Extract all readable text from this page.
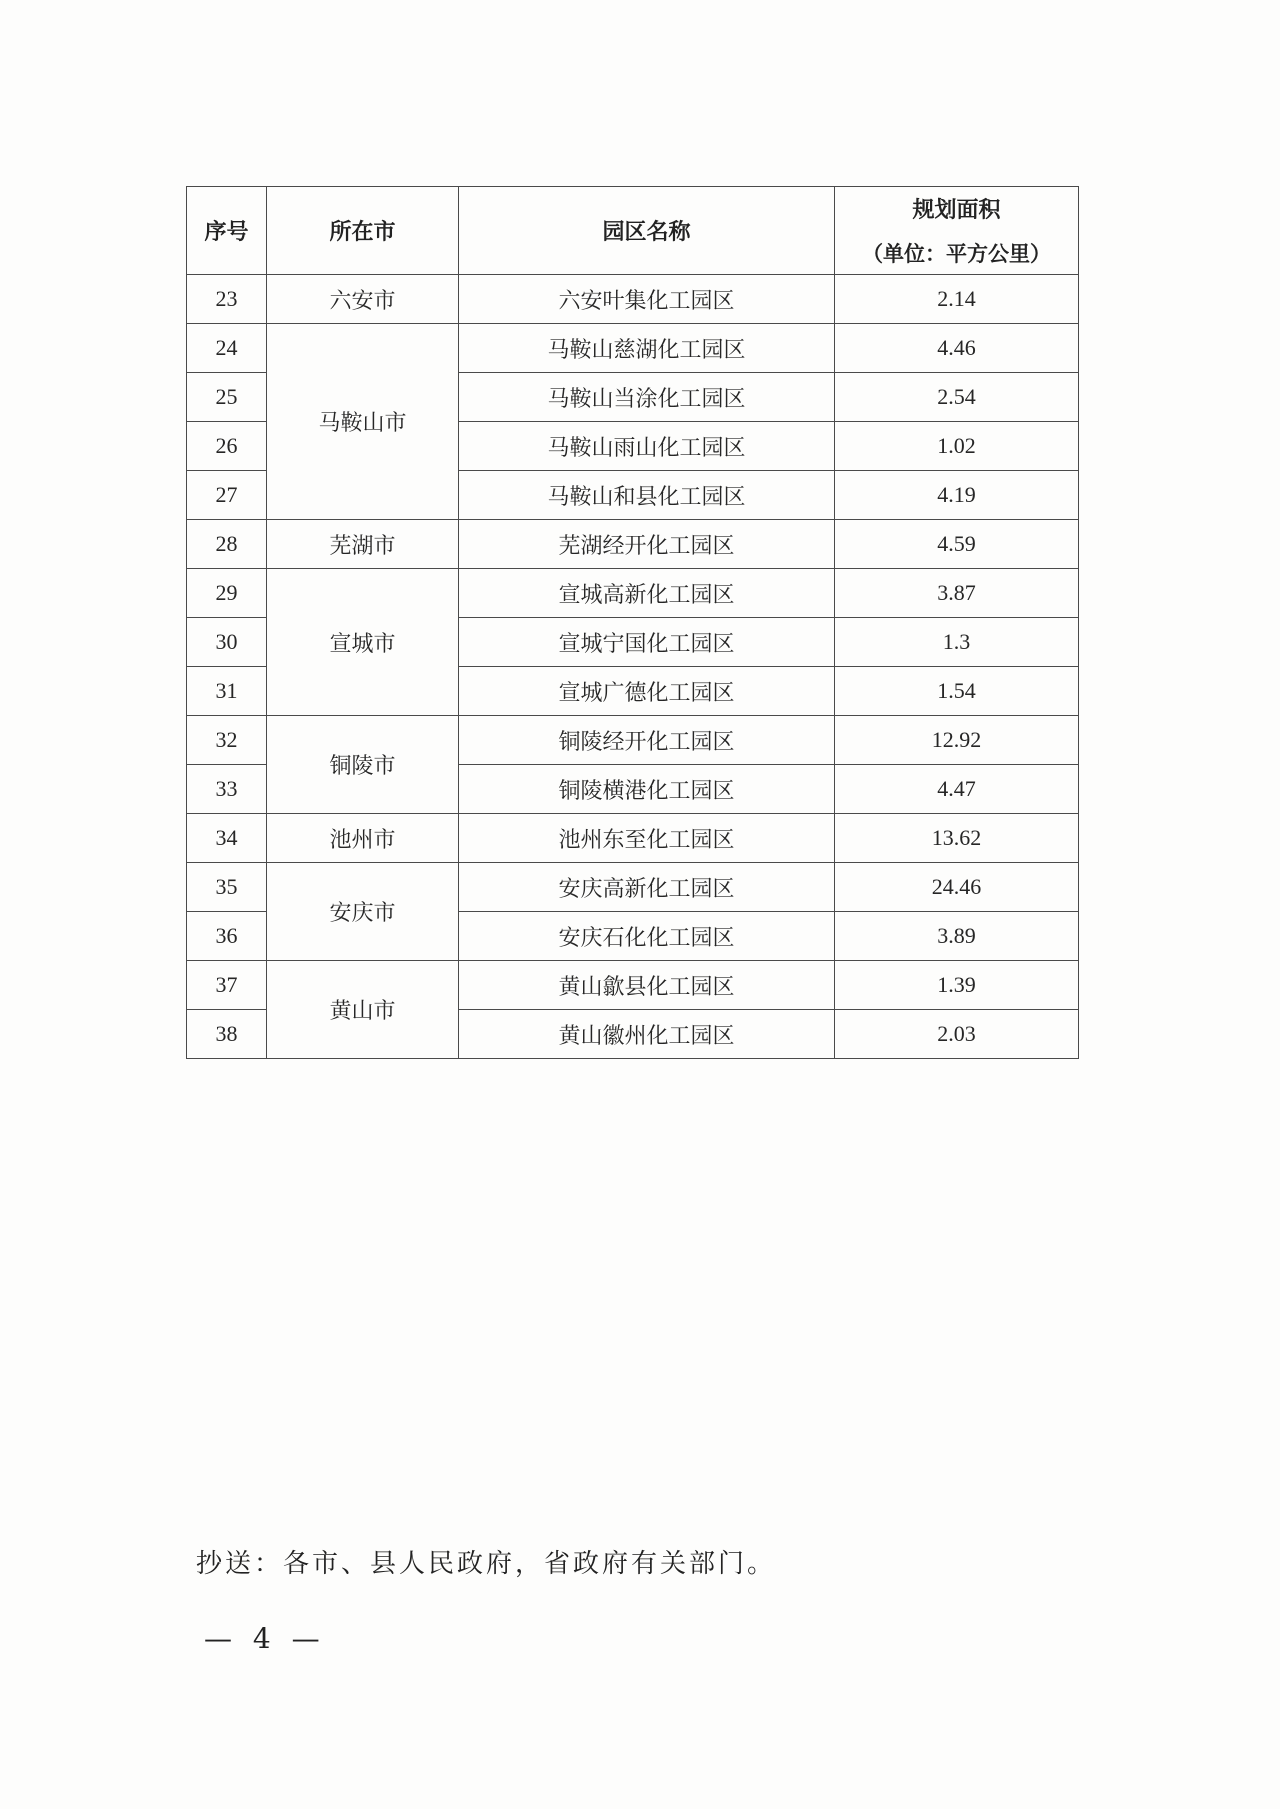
序号	所在市	园区名称	规划面积
（单位：平方公里）

23	六安市	六安叶集化工园区	2.14
24	马鞍山市	马鞍山慈湖化工园区	4.46
25		马鞍山当涂化工园区	2.54
26		马鞍山雨山化工园区	1.02
27		马鞍山和县化工园区	4.19
28	芜湖市	芜湖经开化工园区	4.59
29	宣城市	宣城高新化工园区	3.87
30		宣城宁国化工园区	1.3
31		宣城广德化工园区	1.54
32	铜陵市	铜陵经开化工园区	12.92
33		铜陵横港化工园区	4.47
34	池州市	池州东至化工园区	13.62
35	安庆市	安庆高新化工园区	24.46
36		安庆石化化工园区	3.89
37	黄山市	黄山歙县化工园区	1.39
38		黄山徽州化工园区	2.03
抄送：各市、县人民政府，省政府有关部门。
— 4 —
